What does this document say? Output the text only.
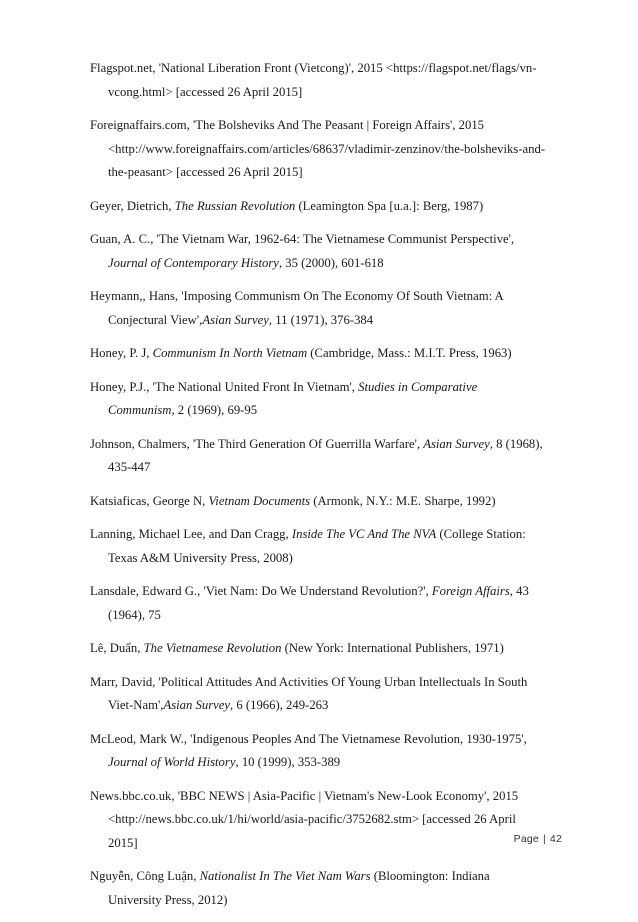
Flagspot.net, 'National Liberation Front (Vietcong)', 2015 <https://flagspot.net/flags/vn-vcong.html> [accessed 26 April 2015]

Foreignaffairs.com, 'The Bolsheviks And The Peasant | Foreign Affairs', 2015 <http://www.foreignaffairs.com/articles/68637/vladimir-zenzinov/the-bolsheviks-and-the-peasant> [accessed 26 April 2015]

Geyer, Dietrich, The Russian Revolution (Leamington Spa [u.a.]: Berg, 1987)

Guan, A. C., 'The Vietnam War, 1962-64: The Vietnamese Communist Perspective', Journal of Contemporary History, 35 (2000), 601-618

Heymann,, Hans, 'Imposing Communism On The Economy Of South Vietnam: A Conjectural View',Asian Survey, 11 (1971), 376-384

Honey, P. J, Communism In North Vietnam (Cambridge, Mass.: M.I.T. Press, 1963)

Honey, P.J., 'The National United Front In Vietnam', Studies in Comparative Communism, 2 (1969), 69-95

Johnson, Chalmers, 'The Third Generation Of Guerrilla Warfare', Asian Survey, 8 (1968), 435-447

Katsiaficas, George N, Vietnam Documents (Armonk, N.Y.: M.E. Sharpe, 1992)

Lanning, Michael Lee, and Dan Cragg, Inside The VC And The NVA (College Station: Texas A&M University Press, 2008)

Lansdale, Edward G., 'Viet Nam: Do We Understand Revolution?', Foreign Affairs, 43 (1964), 75

Lê, Duẩn, The Vietnamese Revolution (New York: International Publishers, 1971)

Marr, David, 'Political Attitudes And Activities Of Young Urban Intellectuals In South Viet-Nam',Asian Survey, 6 (1966), 249-263

McLeod, Mark W., 'Indigenous Peoples And The Vietnamese Revolution, 1930-1975', Journal of World History, 10 (1999), 353-389

News.bbc.co.uk, 'BBC NEWS | Asia-Pacific | Vietnam's New-Look Economy', 2015 <http://news.bbc.co.uk/1/hi/world/asia-pacific/3752682.stm> [accessed 26 April 2015]

Nguyễn, Công Luận, Nationalist In The Viet Nam Wars (Bloomington: Indiana University Press, 2012)

Page | 42
